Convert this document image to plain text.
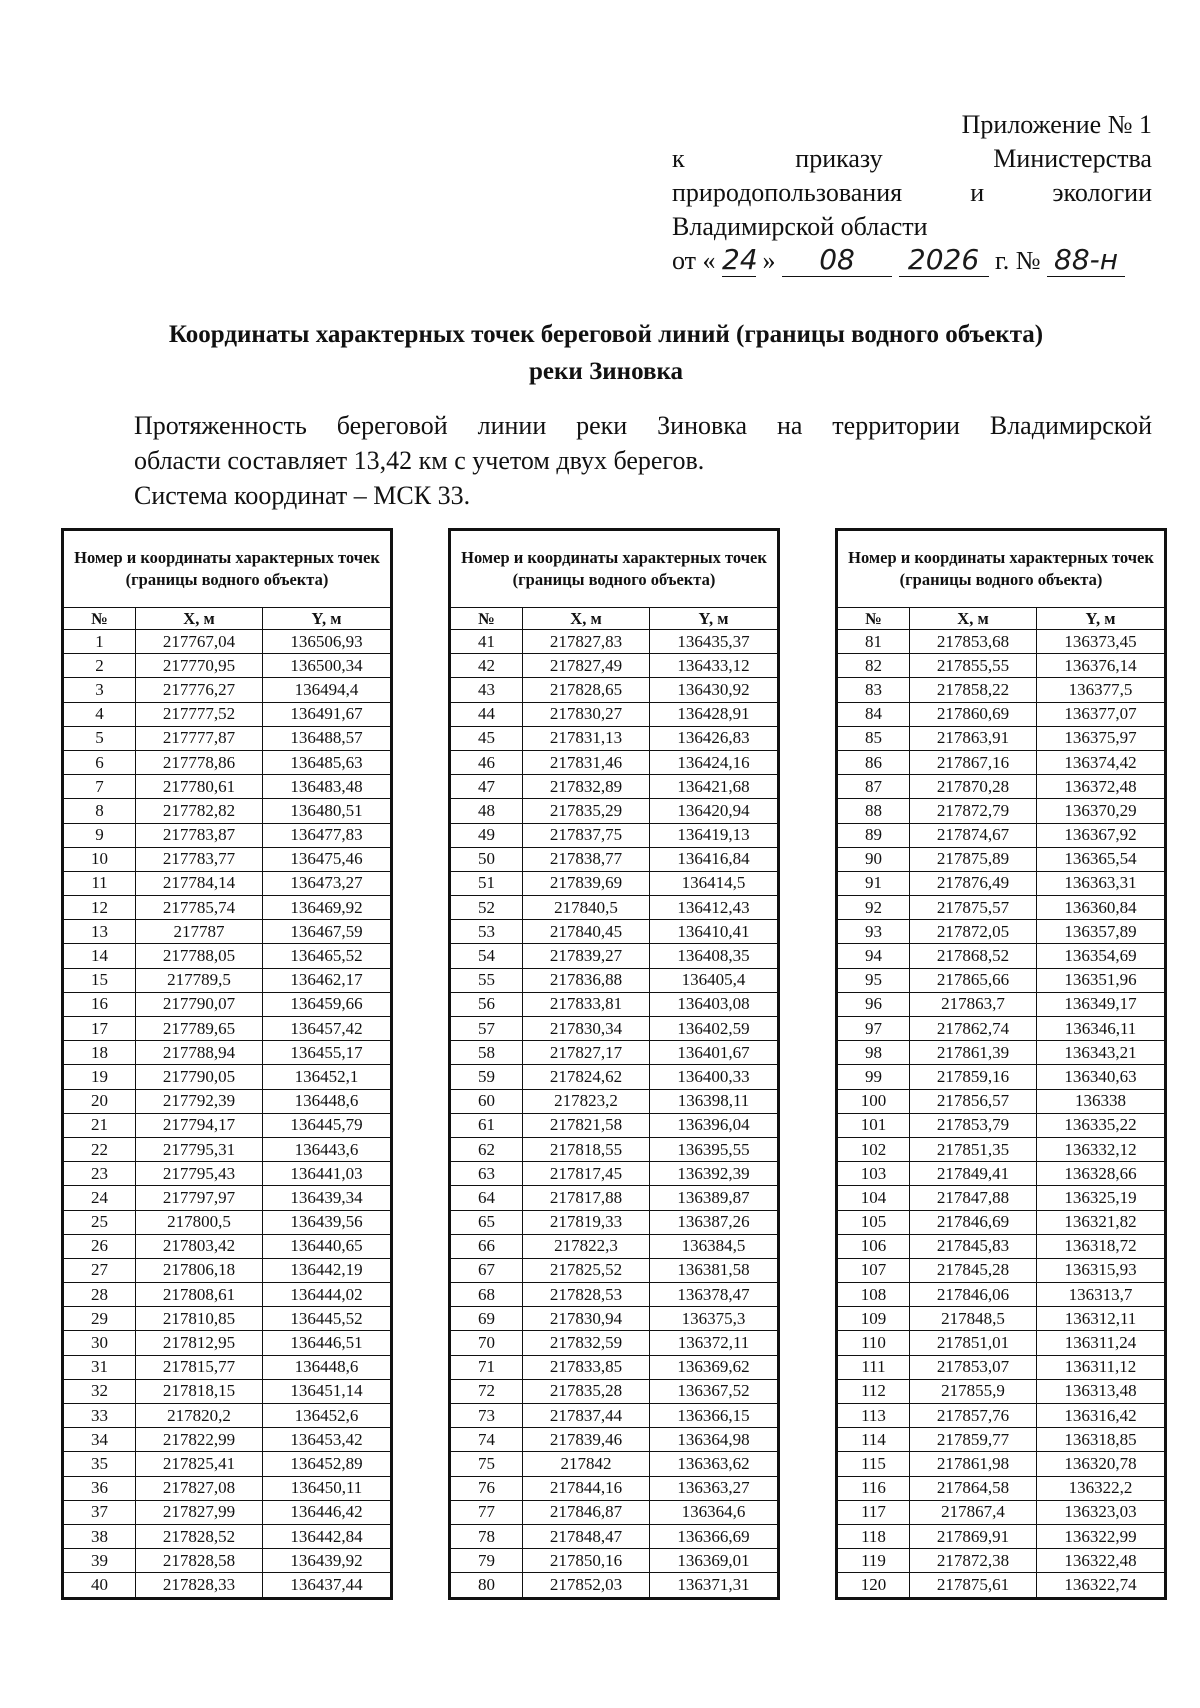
Приложение № 1
к	приказу	Министерства
природопользования	и	экологии
Владимирской области
от « 24 » 08 2026 г. № 88-н
Координаты характерных точек береговой линий (границы водного объекта)
реки Зиновка
Протяженность береговой линии реки Зиновка на территории Владимирской
области составляет 13,42 км с учетом двух берегов.
Система координат – МСК 33.
Номер и координаты характерных точек (границы водного объекта)		
№	X, м	Y, м
1	217767,04	136506,93
2	217770,95	136500,34
3	217776,27	136494,4
4	217777,52	136491,67
5	217777,87	136488,57
6	217778,86	136485,63
7	217780,61	136483,48
8	217782,82	136480,51
9	217783,87	136477,83
10	217783,77	136475,46
11	217784,14	136473,27
12	217785,74	136469,92
13	217787	136467,59
14	217788,05	136465,52
15	217789,5	136462,17
16	217790,07	136459,66
17	217789,65	136457,42
18	217788,94	136455,17
19	217790,05	136452,1
20	217792,39	136448,6
21	217794,17	136445,79
22	217795,31	136443,6
23	217795,43	136441,03
24	217797,97	136439,34
25	217800,5	136439,56
26	217803,42	136440,65
27	217806,18	136442,19
28	217808,61	136444,02
29	217810,85	136445,52
30	217812,95	136446,51
31	217815,77	136448,6
32	217818,15	136451,14
33	217820,2	136452,6
34	217822,99	136453,42
35	217825,41	136452,89
36	217827,08	136450,11
37	217827,99	136446,42
38	217828,52	136442,84
39	217828,58	136439,92
40	217828,33	136437,44
Номер и координаты характерных точек (границы водного объекта)		
№	X, м	Y, м
41	217827,83	136435,37
42	217827,49	136433,12
43	217828,65	136430,92
44	217830,27	136428,91
45	217831,13	136426,83
46	217831,46	136424,16
47	217832,89	136421,68
48	217835,29	136420,94
49	217837,75	136419,13
50	217838,77	136416,84
51	217839,69	136414,5
52	217840,5	136412,43
53	217840,45	136410,41
54	217839,27	136408,35
55	217836,88	136405,4
56	217833,81	136403,08
57	217830,34	136402,59
58	217827,17	136401,67
59	217824,62	136400,33
60	217823,2	136398,11
61	217821,58	136396,04
62	217818,55	136395,55
63	217817,45	136392,39
64	217817,88	136389,87
65	217819,33	136387,26
66	217822,3	136384,5
67	217825,52	136381,58
68	217828,53	136378,47
69	217830,94	136375,3
70	217832,59	136372,11
71	217833,85	136369,62
72	217835,28	136367,52
73	217837,44	136366,15
74	217839,46	136364,98
75	217842	136363,62
76	217844,16	136363,27
77	217846,87	136364,6
78	217848,47	136366,69
79	217850,16	136369,01
80	217852,03	136371,31
Номер и координаты характерных точек (границы водного объекта)		
№	X, м	Y, м
81	217853,68	136373,45
82	217855,55	136376,14
83	217858,22	136377,5
84	217860,69	136377,07
85	217863,91	136375,97
86	217867,16	136374,42
87	217870,28	136372,48
88	217872,79	136370,29
89	217874,67	136367,92
90	217875,89	136365,54
91	217876,49	136363,31
92	217875,57	136360,84
93	217872,05	136357,89
94	217868,52	136354,69
95	217865,66	136351,96
96	217863,7	136349,17
97	217862,74	136346,11
98	217861,39	136343,21
99	217859,16	136340,63
100	217856,57	136338
101	217853,79	136335,22
102	217851,35	136332,12
103	217849,41	136328,66
104	217847,88	136325,19
105	217846,69	136321,82
106	217845,83	136318,72
107	217845,28	136315,93
108	217846,06	136313,7
109	217848,5	136312,11
110	217851,01	136311,24
111	217853,07	136311,12
112	217855,9	136313,48
113	217857,76	136316,42
114	217859,77	136318,85
115	217861,98	136320,78
116	217864,58	136322,2
117	217867,4	136323,03
118	217869,91	136322,99
119	217872,38	136322,48
120	217875,61	136322,74
